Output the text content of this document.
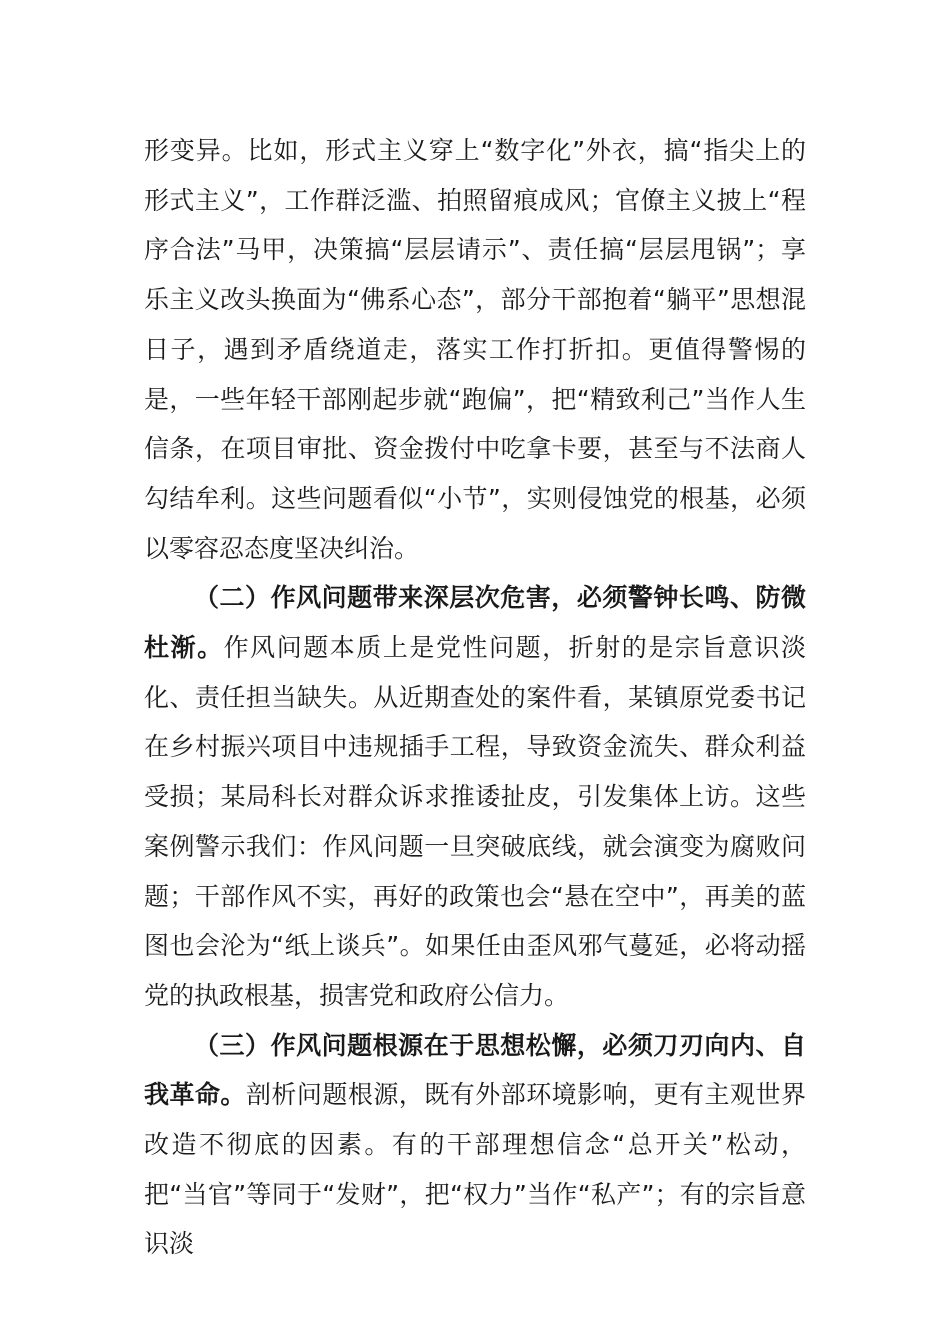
形变异。比如，形式主义穿上“数字化”外衣，搞“指尖上的形式主义”，工作群泛滥、拍照留痕成风；官僚主义披上“程序合法”马甲，决策搞“层层请示”、责任搞“层层甩锅”；享乐主义改头换面为“佛系心态”，部分干部抱着“躺平”思想混日子，遇到矛盾绕道走，落实工作打折扣。更值得警惕的是，一些年轻干部刚起步就“跑偏”，把“精致利己”当作人生信条，在项目审批、资金拨付中吃拿卡要，甚至与不法商人勾结牟利。这些问题看似“小节”，实则侵蚀党的根基，必须以零容忍态度坚决纠治。

（二）作风问题带来深层次危害，必须警钟长鸣、防微杜渐。作风问题本质上是党性问题，折射的是宗旨意识淡化、责任担当缺失。从近期查处的案件看，某镇原党委书记在乡村振兴项目中违规插手工程，导致资金流失、群众利益受损；某局科长对群众诉求推诿扯皮，引发集体上访。这些案例警示我们：作风问题一旦突破底线，就会演变为腐败问题；干部作风不实，再好的政策也会“悬在空中”，再美的蓝图也会沦为“纸上谈兵”。如果任由歪风邪气蔓延，必将动摇党的执政根基，损害党和政府公信力。

（三）作风问题根源在于思想松懈，必须刀刃向内、自我革命。剖析问题根源，既有外部环境影响，更有主观世界改造不彻底的因素。有的干部理想信念“总开关”松动，把“当官”等同于“发财”，把“权力”当作“私产”；有的宗旨意识淡
